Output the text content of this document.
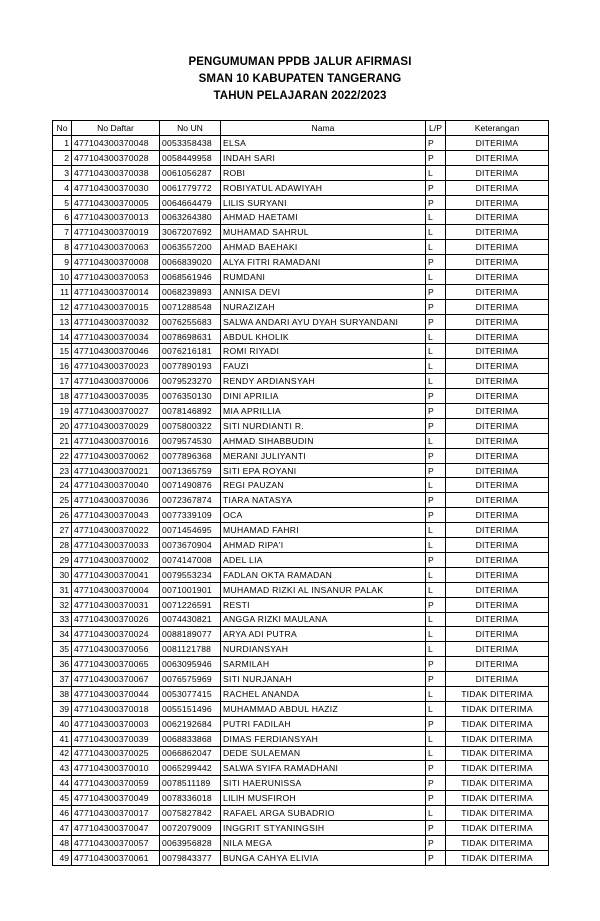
PENGUMUMAN PPDB JALUR AFIRMASI
SMAN 10 KABUPATEN TANGERANG
TAHUN PELAJARAN 2022/2023
No	No Daftar	No UN	Nama	L/P	Keterangan
1	477104300370048	0053358438	ELSA	P	DITERIMA
2	477104300370028	0058449958	INDAH SARI	P	DITERIMA
3	477104300370038	0061056287	ROBI	L	DITERIMA
4	477104300370030	0061779772	ROBIYATUL ADAWIYAH	P	DITERIMA
5	477104300370005	0064664479	LILIS SURYANI	P	DITERIMA
6	477104300370013	0063264380	AHMAD HAETAMI	L	DITERIMA
7	477104300370019	3067207692	MUHAMAD SAHRUL	L	DITERIMA
8	477104300370063	0063557200	AHMAD BAEHAKI	L	DITERIMA
9	477104300370008	0066839020	ALYA FITRI RAMADANI	P	DITERIMA
10	477104300370053	0068561946	RUMDANI	L	DITERIMA
11	477104300370014	0068239893	ANNISA DEVI	P	DITERIMA
12	477104300370015	0071288548	NURAZIZAH	P	DITERIMA
13	477104300370032	0076255683	SALWA ANDARI AYU DYAH SURYANDANI	P	DITERIMA
14	477104300370034	0078698631	ABDUL KHOLIK	L	DITERIMA
15	477104300370046	0076216181	ROMI RIYADI	L	DITERIMA
16	477104300370023	0077890193	FAUZI	L	DITERIMA
17	477104300370006	0079523270	RENDY ARDIANSYAH	L	DITERIMA
18	477104300370035	0076350130	DINI APRILIA	P	DITERIMA
19	477104300370027	0078146892	MIA APRILLIA	P	DITERIMA
20	477104300370029	0075800322	SITI NURDIANTI R.	P	DITERIMA
21	477104300370016	0079574530	AHMAD SIHABBUDIN	L	DITERIMA
22	477104300370062	0077896368	MERANI JULIYANTI	P	DITERIMA
23	477104300370021	0071365759	SITI EPA ROYANI	P	DITERIMA
24	477104300370040	0071490876	REGI PAUZAN	L	DITERIMA
25	477104300370036	0072367874	TIARA NATASYA	P	DITERIMA
26	477104300370043	0077339109	OCA	P	DITERIMA
27	477104300370022	0071454695	MUHAMAD FAHRI	L	DITERIMA
28	477104300370033	0073670904	AHMAD RIPA'I	L	DITERIMA
29	477104300370002	0074147008	ADEL LIA	P	DITERIMA
30	477104300370041	0079553234	FADLAN OKTA RAMADAN	L	DITERIMA
31	477104300370004	0071001901	MUHAMAD RIZKI AL INSANUR PALAK	L	DITERIMA
32	477104300370031	0071226591	RESTI	P	DITERIMA
33	477104300370026	0074430821	ANGGA RIZKI MAULANA	L	DITERIMA
34	477104300370024	0088189077	ARYA ADI PUTRA	L	DITERIMA
35	477104300370056	0081121788	NURDIANSYAH	L	DITERIMA
36	477104300370065	0063095946	SARMILAH	P	DITERIMA
37	477104300370067	0076575969	SITI NURJANAH	P	DITERIMA
38	477104300370044	0053077415	RACHEL ANANDA	L	TIDAK DITERIMA
39	477104300370018	0055151496	MUHAMMAD ABDUL HAZIZ	L	TIDAK DITERIMA
40	477104300370003	0062192684	PUTRI FADILAH	P	TIDAK DITERIMA
41	477104300370039	0068833868	DIMAS FERDIANSYAH	L	TIDAK DITERIMA
42	477104300370025	0066862047	DEDE SULAEMAN	L	TIDAK DITERIMA
43	477104300370010	0065299442	SALWA SYIFA RAMADHANI	P	TIDAK DITERIMA
44	477104300370059	0078511189	SITI HAERUNISSA	P	TIDAK DITERIMA
45	477104300370049	0078336018	LILIH MUSFIROH	P	TIDAK DITERIMA
46	477104300370017	0075827842	RAFAEL ARGA SUBADRIO	L	TIDAK DITERIMA
47	477104300370047	0072079009	INGGRIT STYANINGSIH	P	TIDAK DITERIMA
48	477104300370057	0063956828	NILA MEGA	P	TIDAK DITERIMA
49	477104300370061	0079843377	BUNGA CAHYA ELIVIA	P	TIDAK DITERIMA
